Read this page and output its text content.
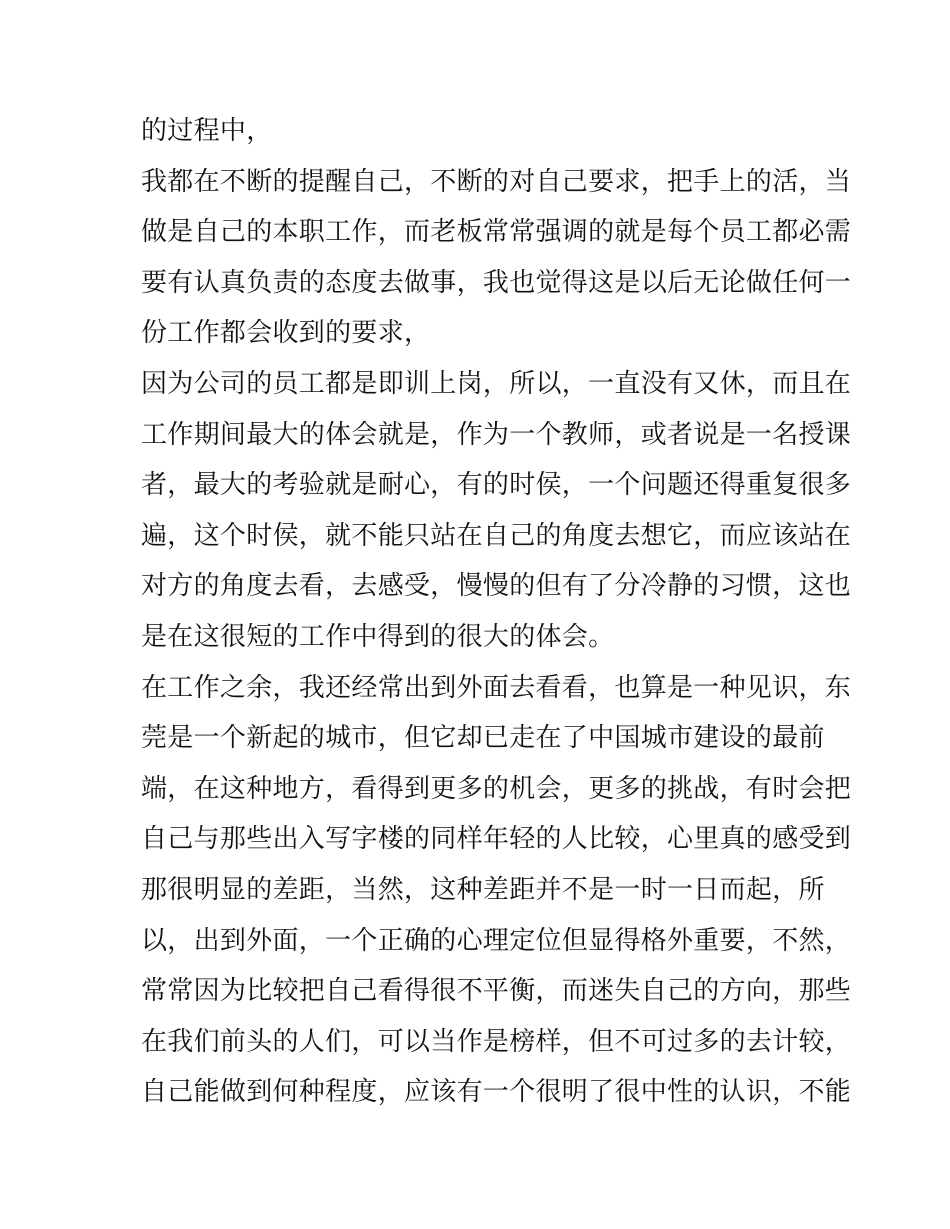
的过程中，
我都在不断的提醒自己，不断的对自己要求，把手上的活，当
做是自己的本职工作，而老板常常强调的就是每个员工都必需
要有认真负责的态度去做事，我也觉得这是以后无论做任何一
份工作都会收到的要求，
因为公司的员工都是即训上岗，所以，一直没有又休，而且在
工作期间最大的体会就是，作为一个教师，或者说是一名授课
者，最大的考验就是耐心，有的时侯，一个问题还得重复很多
遍，这个时侯，就不能只站在自己的角度去想它，而应该站在
对方的角度去看，去感受，慢慢的但有了分冷静的习惯，这也
是在这很短的工作中得到的很大的体会。
在工作之余，我还经常出到外面去看看，也算是一种见识，东
莞是一个新起的城市，但它却已走在了中国城市建设的最前
端，在这种地方，看得到更多的机会，更多的挑战，有时会把
自己与那些出入写字楼的同样年轻的人比较，心里真的感受到
那很明显的差距，当然，这种差距并不是一时一日而起，所
以，出到外面，一个正确的心理定位但显得格外重要，不然，
常常因为比较把自己看得很不平衡，而迷失自己的方向，那些
在我们前头的人们，可以当作是榜样，但不可过多的去计较，
自己能做到何种程度，应该有一个很明了很中性的认识，不能
